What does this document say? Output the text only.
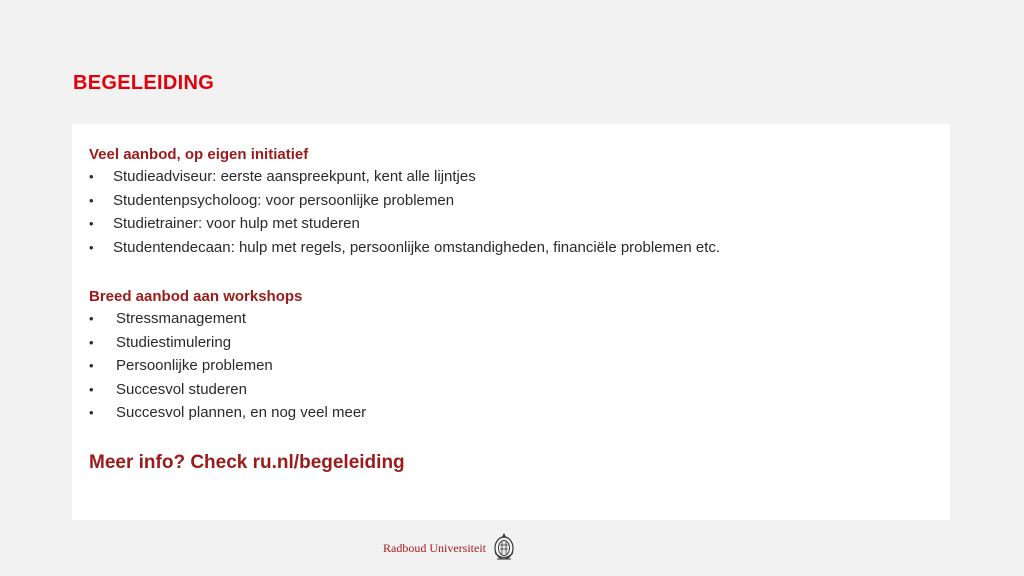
BEGELEIDING
Veel aanbod, op eigen initiatief
• Studieadviseur: eerste aanspreekpunt, kent alle lijntjes
• Studentenpsycholoog: voor persoonlijke problemen
• Studietrainer: voor hulp met studeren
• Studentendecaan: hulp met regels, persoonlijke omstandigheden, financiële problemen etc.
Breed aanbod aan workshops
• Stressmanagement
• Studiestimulering
• Persoonlijke problemen
• Succesvol studeren
• Succesvol plannen, en nog veel meer
Meer info? Check ru.nl/begeleiding
Radboud Universiteit
